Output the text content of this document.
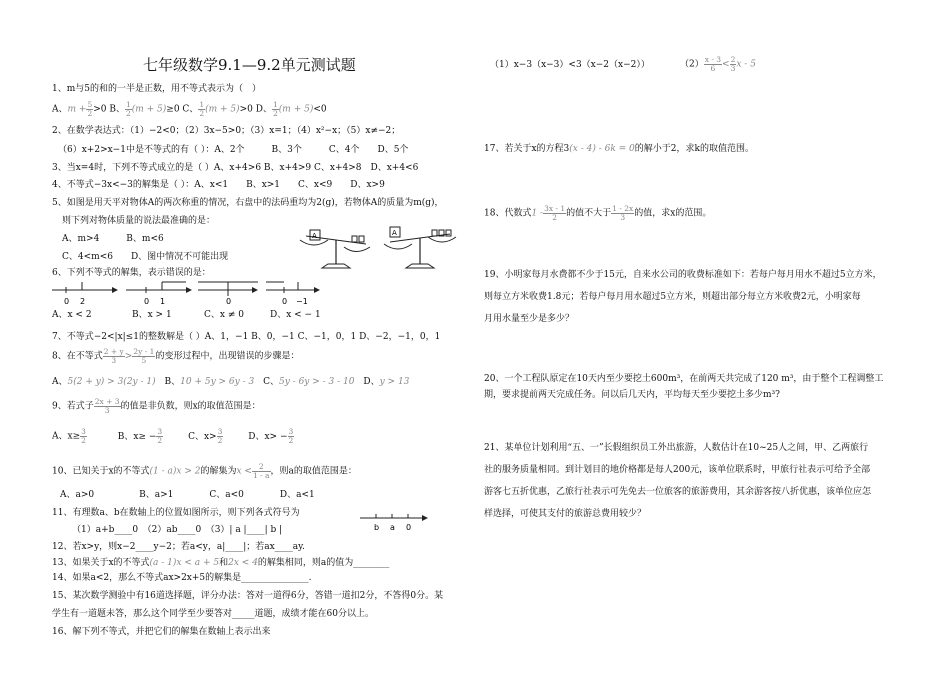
七年级数学9.1—9.2单元测试题
1、m与5的和的一半是正数，用不等式表示为（　）
A、$m + \frac{5}{2} >0$ B、 $\frac{1}{2} (m + 5)\ge 0$ C、 $\frac{1}{2} (m + 5)>0$ D、 $\frac{1}{2} (m + 5)<0$
2、在数学表达式：（1）−2<0；（2）3x−5>0；（3）x=1；（4）x²−x；（5）x≠−2；
（6）x+2>x−1中是不等式的有（ ）：A、2个　　　B、3个　　　C、4个　　D、5个
3、当x=4时，下列不等式成立的是（ ）A、x+4>6 B、x+4>9 C、x+4>8　D、x+4<6
4、不等式−3x<−3的解集是（ ）：A、x<1　　B、x>1　　C、x<9　　D、x>9
5、如图是用天平对物体A的两次称重的情况，右盘中的法码重均为2(g)，若物体A的质量为m(g)，
则下列对物体质量的说法最准确的是：
A、m>4　　　B、m<6
C、4<m<6　　D、图中情况不可能出现
A	A
6、下列不等式的解集，表示错误的是：
0 2	0 1	0	0 −1
A、x < 2	B、x > 1	C、x ≠ 0	D、x < − 1
7、不等式−2<|x|≤1的整数解是（ ）A、1，−1 B、0，−1 C、−1，0，1 D、−2，−1，0，1
8、在不等式 $\frac{2 + y}{3} > \frac{2y - 1}{5}$ 的变形过程中，出现错误的步骤是：
A、5(2 + y) > 3(2y - 1) B、10 + 5y > 6y - 3 C、5y - 6y > - 3 - 10 D、y > 13
9、若式子 $\frac{2x + 3}{3}$ 的值是非负数，则x的取值范围是：
A、$x\ge \frac{3}{2}$	B、$x\ge - \frac{3}{2}$	C、$x> \frac{3}{2}$	D、$x> - \frac{3}{2}$
10、已知关于x的不等式(1 - a)x > 2的解集为$x < \frac{2}{1 - a}$ ，则a的取值范围是：
A、a>0　　　　　B、a>1　　　　C、a<0　　　　D、a<1
11、有理数a、b在数轴上的位置如图所示，则下列各式符号为
（1）a+b____0　（2）ab____0　（3）| a |____| b |	b a 0
12、若x>y，则x−2____y−2；若a<y，a|____|；若ax____ay.
13、如果关于x的不等式(a - 1)x < a + 5和2x < 4的解集相同，则a的值为________
14、如果a<2，那么不等式ax>2x+5的解集是_______________.
15、某次数学测验中有16道选择题，评分办法：答对一道得6分，答错一道扣2分，不答得0分。某
学生有一道题未答，那么这个同学至少要答对_____道题，成绩才能在60分以上。
16、解下列不等式，并把它们的解集在数轴上表示出来
（1）x−3（x−3）<3（x−2（x−2））	$(2) \frac{x - 3}{6} < \frac{2}{3}$ x - 5
17、若关于x的方程3(x - 4) - 6k = 0的解小于2，求k的取值范围。
18、代数式$1 - \frac{3x - 1}{2}$ 的值不大于 $\frac{1 - 2x}{3}$ 的值，求x的范围。
19、小明家每月水费都不少于15元，自来水公司的收费标准如下：若每户每月用水不超过5立方米，
则每立方米收费1.8元；若每户每月用水超过5立方米，则超出部分每立方米收费2元，小明家每
月用水量至少是多少？
20、一个工程队原定在10天内至少要挖土600m³，在前两天共完成了120 m³，由于整个工程调整工
期，要求提前两天完成任务。问以后几天内，平均每天至少要挖土多少m³?
21、某单位计划利用“五、一”长假组织员工外出旅游，人数估计在10~25人之间，甲、乙两旅行
社的服务质量相同。到计划目的地价格都是每人200元，该单位联系时，甲旅行社表示可给予全部
游客七五折优惠，乙旅行社表示可先免去一位旅客的旅游费用，其余游客按八折优惠，该单位应怎
样选择，可使其支付的旅游总费用较少？
